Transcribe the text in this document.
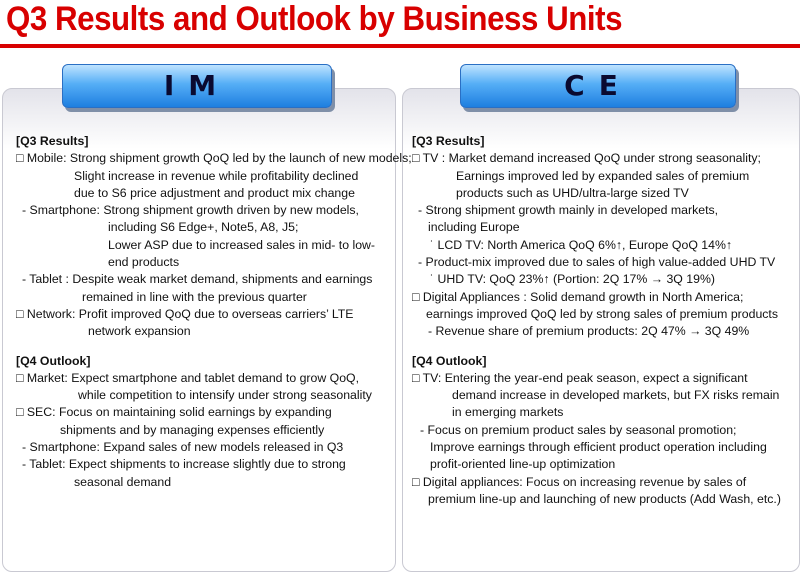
Q3 Results and Outlook by Business Units
IM	CE
[Q3 Results]
□ Mobile: Strong shipment growth QoQ led by the launch of new models;
Slight increase in revenue while profitability declined
due to S6 price adjustment and product mix change
- Smartphone: Strong shipment growth driven by new models,
including S6 Edge+, Note5, A8, J5;
Lower ASP due to increased sales in mid- to low-
end products
- Tablet : Despite weak market demand, shipments and earnings
remained in line with the previous quarter
□ Network: Profit improved QoQ due to overseas carriers’ LTE
network expansion
[Q4 Outlook]
□ Market: Expect smartphone and tablet demand to grow QoQ,
while competition to intensify under strong seasonality
□ SEC: Focus on maintaining solid earnings by expanding
shipments and by managing expenses efficiently
- Smartphone: Expand sales of new models released in Q3
- Tablet: Expect shipments to increase slightly due to strong
seasonal demand
[Q3 Results]
□ TV : Market demand increased QoQ under strong seasonality;
Earnings improved led by expanded sales of premium
products such as UHD/ultra-large sized TV
- Strong shipment growth mainly in developed markets,
including Europe
˙ LCD TV: North America QoQ 6%↑, Europe QoQ 14%↑
- Product-mix improved due to sales of high value-added UHD TV
˙ UHD TV: QoQ 23%↑ (Portion: 2Q 17% → 3Q 19%)
□ Digital Appliances : Solid demand growth in North America;
earnings improved QoQ led by strong sales of premium products
- Revenue share of premium products: 2Q 47% → 3Q 49%
[Q4 Outlook]
□ TV: Entering the year-end peak season, expect a significant
demand increase in developed markets, but FX risks remain
in emerging markets
- Focus on premium product sales by seasonal promotion;
Improve earnings through efficient product operation including
profit-oriented line-up optimization
□ Digital appliances: Focus on increasing revenue by sales of
premium line-up and launching of new products (Add Wash, etc.)
